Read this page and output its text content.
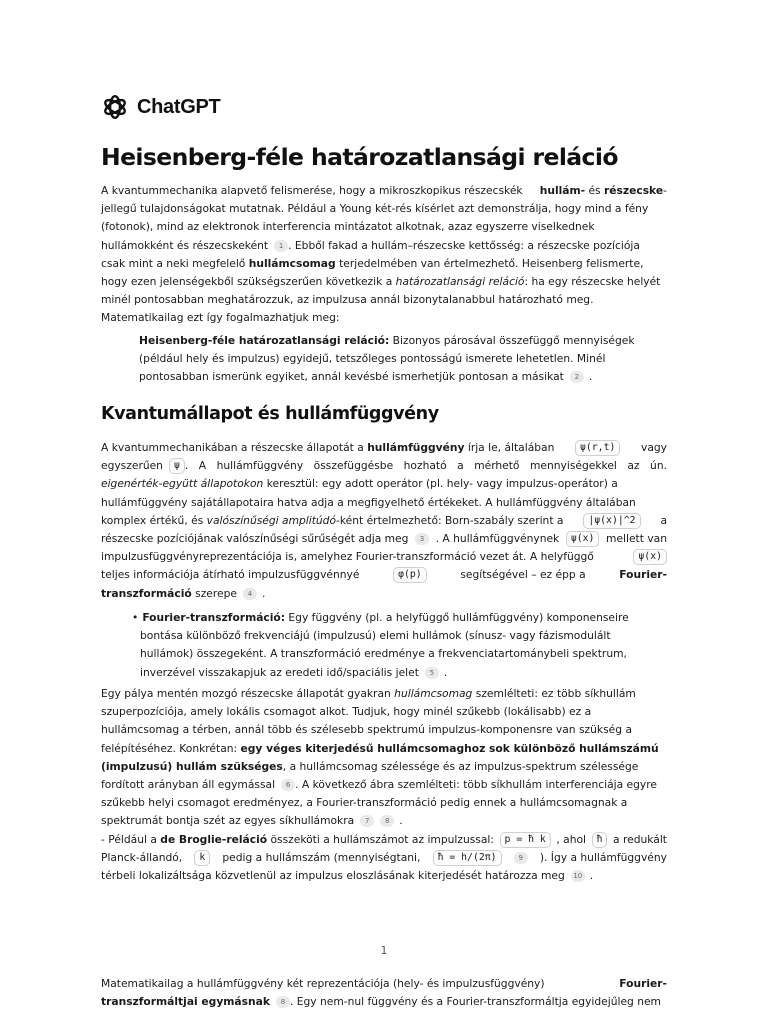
ChatGPT
Heisenberg-féle határozatlansági reláció
A kvantummechanika alapvető felismerése, hogy a mikroszkopikus részecskék hullám- és részecske-
jellegű tulajdonságokat mutatnak. Például a Young két-rés kísérlet azt demonstrálja, hogy mind a fény
(fotonok), mind az elektronok interferencia mintázatot alkotnak, azaz egyszerre viselkednek
hullámokként és részecskeként	1 . Ebből fakad a hullám–részecske kettősség: a részecske pozíciója
csak mint a neki megfelelő hullámcsomag terjedelmében van értelmezhető. Heisenberg felismerte,
hogy ezen jelenségekből szükségszerűen következik a határozatlansági reláció : ha egy részecske helyét
minél pontosabban meghatározzuk, az impulzusa annál bizonytalanabbul határozható meg.
Matematikailag ezt így fogalmazhatjuk meg:
Heisenberg-féle határozatlansági reláció: Bizonyos párosával összefüggő mennyiségek
(például hely és impulzus) egyidejű, tetszőleges pontosságú ismerete lehetetlen. Minél
pontosabban ismerünk egyiket, annál kevésbé ismerhetjük pontosan a másikat	2 .
Kvantumállapot és hullámfüggvény
A kvantummechanikában a részecske állapotát a hullámfüggvény írja le, általában	ψ(r,t)	vagy
egyszerűen	ψ . A hullámfüggvény összefüggésbe hozható a mérhető mennyiségekkel az ún.
eigenérték-együtt állapotokon keresztül: egy adott operátor (pl. hely- vagy impulzus-operátor) a
hullámfüggvény sajátállapotaira hatva adja a megfigyelhető értékeket. A hullámfüggvény általában
komplex értékű, és valószínűségi amplitúdó-ként értelmezhető: Born-szabály szerint a	|ψ(x)|^2	a
részecske pozíciójának valószínűségi sűrűségét adja meg	3	. A hullámfüggvénynek	ψ(x)	mellett van
impulzusfüggvényreprezentációja is, amelyhez Fourier-transzformáció vezet át. A helyfüggő	ψ(x)
teljes információja átírható impulzusfüggvénnyé	φ(p)	segítségével – ez épp a	Fourier-
transzformáció szerepe	4 .
• Fourier-transzformáció: Egy függvény (pl. a helyfüggő hullámfüggvény) komponenseire
bontása különböző frekvenciájú (impulzusú) elemi hullámok (sínusz- vagy fázismodulált
hullámok) összegeként. A transzformáció eredménye a frekvenciatartománybeli spektrum,
inverzével visszakapjuk az eredeti idő/spaciális jelet	5 .
Egy pálya mentén mozgó részecske állapotát gyakran hullámcsomag szemlélteti: ez több síkhullám
szuperpozíciója, amely lokális csomagot alkot. Tudjuk, hogy minél szűkebb (lokálisabb) ez a
hullámcsomag a térben, annál több és szélesebb spektrumú impulzus-komponensre van szükség a
felépítéséhez. Konkrétan: egy véges kiterjedésű hullámcsomaghoz sok különböző hullámszámú
(impulzusú) hullám szükséges , a hullámcsomag szélessége és az impulzus-spektrum szélessége
fordított arányban áll egymással	6 . A következő ábra szemlélteti: több síkhullám interferenciája egyre
szűkebb helyi csomagot eredményez, a Fourier-transzformáció pedig ennek a hullámcsomagnak a
spektrumát bontja szét az egyes síkhullámokra	7	8 .
- Például a de Broglie-reláció összeköti a hullámszámot az impulzussal:	p = ħ k , ahol	ħ a redukált
Planck-állandó,	k	pedig a hullámszám (mennyiségtani,	ħ = h/(2π)	9	). Így a hullámfüggvény
térbeli lokalizáltsága közvetlenül az impulzus eloszlásának kiterjedését határozza meg	10 .
Matematikailag a hullámfüggvény két reprezentációja (hely- és impulzusfüggvény)	Fourier-
transzformáltjai egymásnak	8 . Egy nem-nul függvény és a Fourier-transzformáltja egyidejűleg nem
1
